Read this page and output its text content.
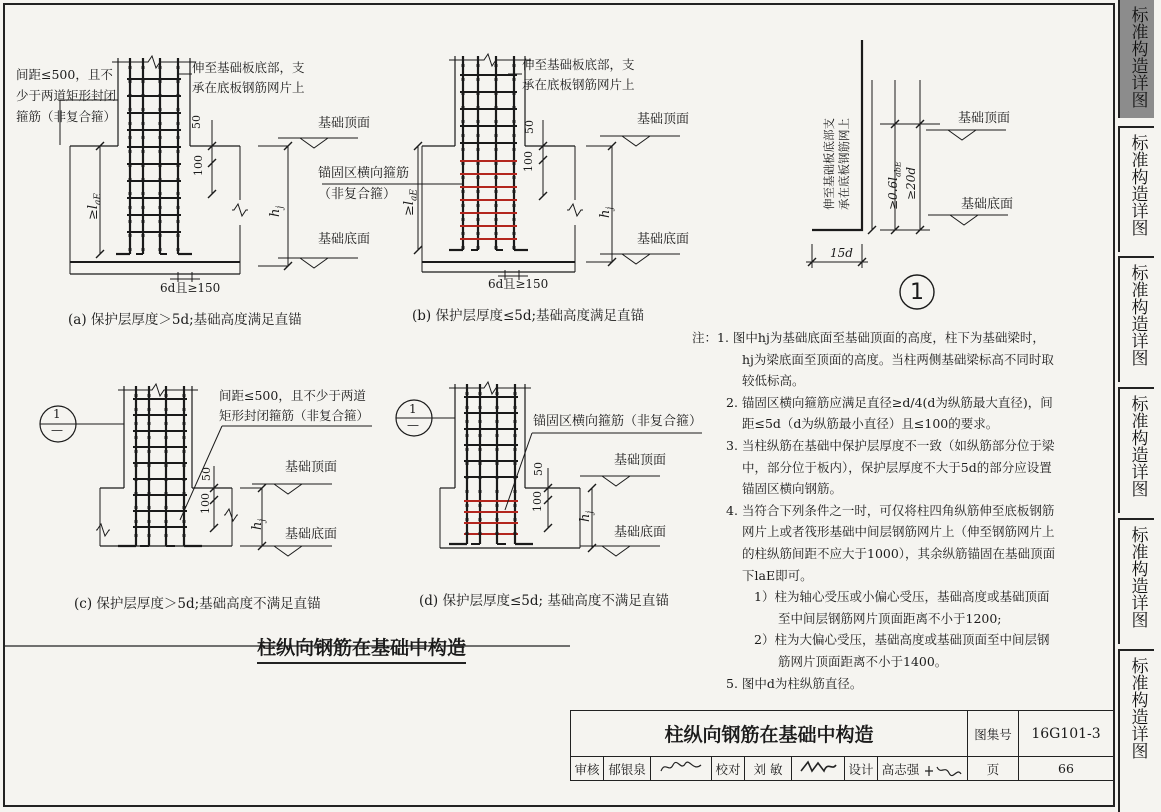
间距≤500，且不
少于两道矩形封闭
箍筋（非复合箍）
伸至基础板底部，支
承在底板钢筋网片上
基础顶面
基础底面
50
100
$h_j$
$\ge l_{aE}$
6d且≥150
(a) 保护层厚度＞5d;基础高度满足直锚
伸至基础板底部，支
承在底板钢筋网片上
锚固区横向箍筋
（非复合箍）
基础顶面
基础底面
50
100
$h_j$
$\ge l_{aE}$
6d且≥150
(b) 保护层厚度≤5d;基础高度满足直锚
1
—
间距≤500，且不少于两道
矩形封闭箍筋（非复合箍）
基础顶面
基础底面
50
100
$h_j$
(c) 保护层厚度＞5d;基础高度不满足直锚
1
—	锚固区横向箍筋（非复合箍）
基础顶面
基础底面
50
100
$h_j$
(d) 保护层厚度≤5d; 基础高度不满足直锚
伸至基础板底部支 承在底板钢筋网上	$\ge 0.6l_{abE} \ge 20d$
15d
基础顶面
基础底面
1
柱纵向钢筋在基础中构造

注：1. 图中hj为基础底面至基础顶面的高度，柱下为基础梁时，

hj为梁底面至顶面的高度。当柱两侧基础梁标高不同时取

较低标高。

2. 锚固区横向箍筋应满足直径≥d/4(d为纵筋最大直径)，间

距≤5d（d为纵筋最小直径）且≤100的要求。

3. 当柱纵筋在基础中保护层厚度不一致（如纵筋部分位于梁

中，部分位于板内），保护层厚度不大于5d的部分应设置

锚固区横向钢筋。

4. 当符合下列条件之一时，可仅将柱四角纵筋伸至底板钢筋

网片上或者筏形基础中间层钢筋网片上（伸至钢筋网片上

的柱纵筋间距不应大于1000），其余纵筋锚固在基础顶面

下laE即可。

1）柱为轴心受压或小偏心受压，基础高度或基础顶面

至中间层钢筋网片顶面距离不小于1200;

2）柱为大偏心受压，基础高度或基础顶面至中间层钢

筋网片顶面距离不小于1400。

5. 图中d为柱纵筋直径。

柱纵向钢筋在基础中构造								图集号	16G101-3
审核	郁银泉		校对	刘 敏		设计	高志强	页	66
标准构造详图
标准构造详图
标准构造详图
标准构造详图
标准构造详图
标准构造详图
